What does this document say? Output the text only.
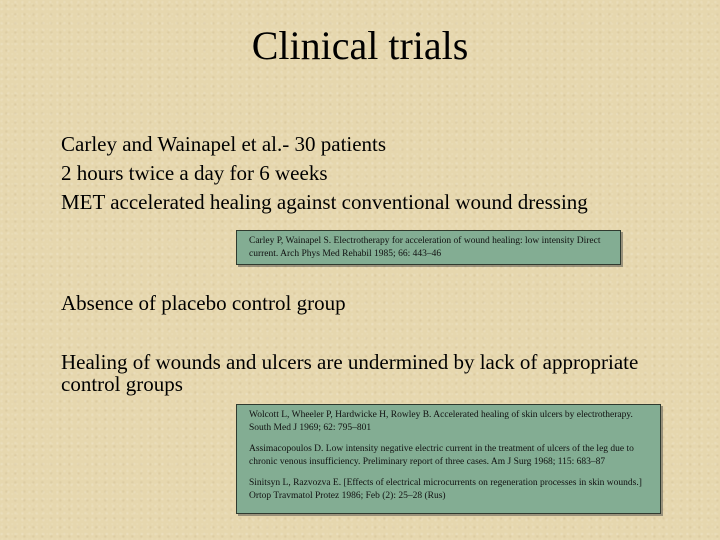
Clinical trials
Carley and Wainapel et al.- 30 patients
2 hours twice a day for 6 weeks
MET accelerated healing against conventional wound dressing
Carley P, Wainapel S. Electrotherapy for acceleration of wound healing: low intensity Direct current. Arch Phys Med Rehabil 1985; 66: 443–46
Absence of placebo control group
Healing of wounds and ulcers are undermined by lack of appropriate control groups
Wolcott L, Wheeler P, Hardwicke H, Rowley B. Accelerated healing of skin ulcers by electrotherapy. South Med J 1969; 62: 795–801
Assimacopoulos D. Low intensity negative electric current in the treatment of ulcers of the leg due to chronic venous insufficiency. Preliminary report of three cases. Am J Surg 1968; 115: 683–87
Sinitsyn L, Razvozva E. [Effects of electrical microcurrents on regeneration processes in skin wounds.] Ortop Travmatol Protez 1986; Feb (2): 25–28 (Rus)
